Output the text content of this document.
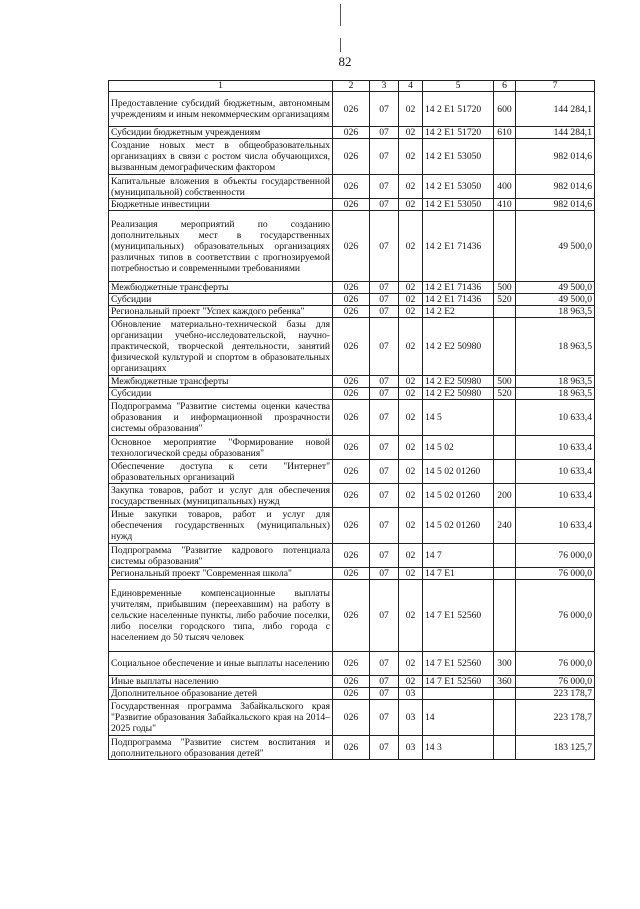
82
1	2	3	4	5	6	7
Предоставление субсидий бюджетным, автономным учреждениям и иным некоммерческим организациям	026	07	02	14 2 E1 51720	600	144 284,1
Субсидии бюджетным учреждениям	026	07	02	14 2 E1 51720	610	144 284,1
Создание новых мест в общеобразовательных организациях в связи с ростом числа обучающихся, вызванным демографическим фактором	026	07	02	14 2 E1 53050		982 014,6
Капитальные вложения в объекты государственной (муниципальной) собственности	026	07	02	14 2 E1 53050	400	982 014,6
Бюджетные инвестиции	026	07	02	14 2 E1 53050	410	982 014,6
Реализация мероприятий по созданию дополнительных мест в государственных (муниципальных) образовательных организациях различных типов в соответствии с прогнозируемой потребностью и современными требованиями	026	07	02	14 2 E1 71436		49 500,0
Межбюджетные трансферты	026	07	02	14 2 E1 71436	500	49 500,0
Субсидии	026	07	02	14 2 E1 71436	520	49 500,0
Региональный проект "Успех каждого ребенка"	026	07	02	14 2 E2		18 963,5
Обновление материально-технической базы для организации учебно-исследовательской, научно-практической, творческой деятельности, занятий физической культурой и спортом в образовательных организациях	026	07	02	14 2 E2 50980		18 963,5
Межбюджетные трансферты	026	07	02	14 2 E2 50980	500	18 963,5
Субсидии	026	07	02	14 2 E2 50980	520	18 963,5
Подпрограмма "Развитие системы оценки качества образования и информационной прозрачности системы образования"	026	07	02	14 5		10 633,4
Основное мероприятие "Формирование новой технологической среды образования"	026	07	02	14 5 02		10 633,4
Обеспечение доступа к сети "Интернет" образовательных организаций	026	07	02	14 5 02 01260		10 633,4
Закупка товаров, работ и услуг для обеспечения государственных (муниципальных) нужд	026	07	02	14 5 02 01260	200	10 633,4
Иные закупки товаров, работ и услуг для обеспечения государственных (муниципальных) нужд	026	07	02	14 5 02 01260	240	10 633,4
Подпрограмма "Развитие кадрового потенциала системы образования"	026	07	02	14 7		76 000,0
Региональный проект "Современная школа"	026	07	02	14 7 E1		76 000,0
Единовременные компенсационные выплаты учителям, прибывшим (переехавшим) на работу в сельские населенные пункты, либо рабочие поселки, либо поселки городского типа, либо города с населением до 50 тысяч человек	026	07	02	14 7 E1 52560		76 000,0
Социальное обеспечение и иные выплаты населению	026	07	02	14 7 E1 52560	300	76 000,0
Иные выплаты населению	026	07	02	14 7 E1 52560	360	76 000,0
Дополнительное образование детей	026	07	03			223 178,7
Государственная программа Забайкальского края "Развитие образования Забайкальского края на 2014–2025 годы"	026	07	03	14		223 178,7
Подпрограмма "Развитие систем воспитания и дополнительного образования детей"	026	07	03	14 3		183 125,7
